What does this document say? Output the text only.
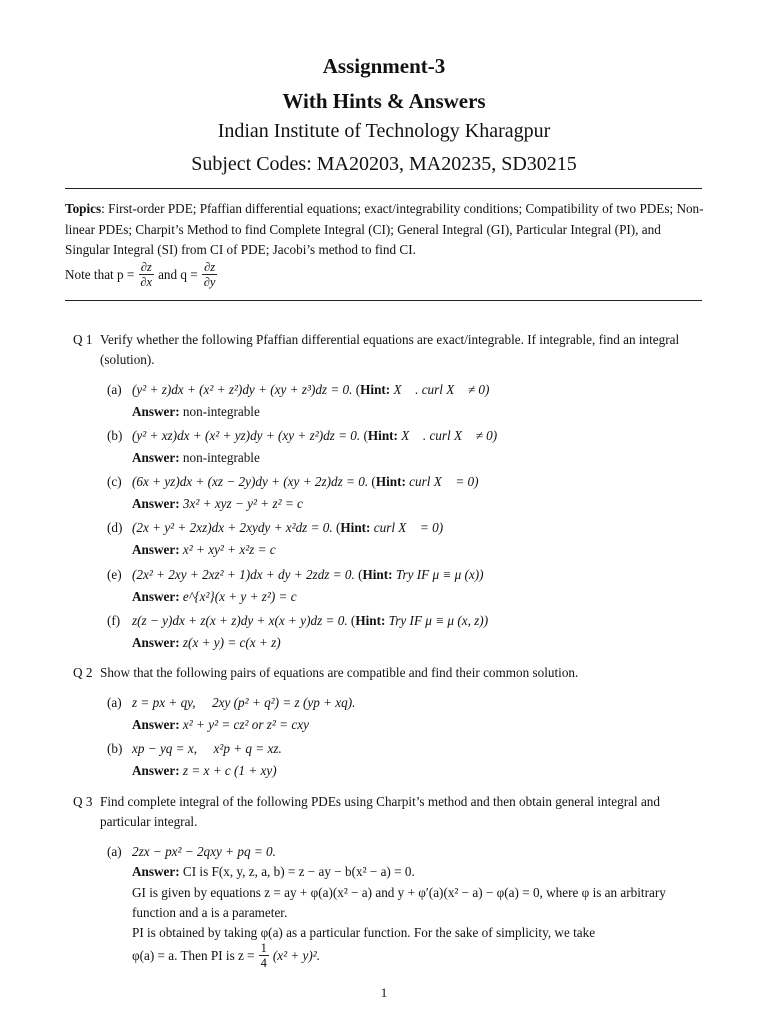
Assignment-3
With Hints & Answers
Indian Institute of Technology Kharagpur
Subject Codes: MA20203, MA20235, SD30215
Topics: First-order PDE; Pfaffian differential equations; exact/integrability conditions; Compatibility of two PDEs; Non-linear PDEs; Charpit’s Method to find Complete Integral (CI); General Integral (GI), Particular Integral (PI), and Singular Integral (SI) from CI of PDE; Jacobi’s method to find CI.
Note that $p = \frac{\partial z}{\partial x}$ and $q = \frac{\partial z}{\partial y}$
Q 1 Verify whether the following Pfaffian differential equations are exact/integrable. If integrable, find an integral (solution).
(a) (y² + z)dx + (x² + z²)dy + (xy + z³)dz = 0. (Hint: X⃗ . curl X⃗ ≠ 0)
Answer: non-integrable
(b) (y² + xz)dx + (x² + yz)dy + (xy + z²)dz = 0. (Hint: X⃗ . curl X⃗ ≠ 0)
Answer: non-integrable
(c) (6x + yz)dx + (xz − 2y)dy + (xy + 2z)dz = 0. (Hint: curl X⃗ = 0)
Answer: 3x² + xyz − y² + z² = c
(d) (2x + y² + 2xz)dx + 2xydy + x²dz = 0. (Hint: curl X⃗ = 0)
Answer: x² + xy² + x²z = c
(e) (2x² + 2xy + 2xz² + 1)dx + dy + 2zdz = 0. (Hint: Try IF μ ≡ μ (x))
Answer: e^{x²}(x + y + z²) = c
(f) z(z − y)dx + z(x + z)dy + x(x + y)dz = 0. (Hint: Try IF μ ≡ μ (x, z))
Answer: z(x + y) = c(x + z)
Q 2 Show that the following pairs of equations are compatible and find their common solution.
(a) z = px + qy,     2xy (p² + q²) = z (yp + xq).
Answer: x² + y² = cz² or z² = cxy
(b) xp − yq = x,     x²p + q = xz.
Answer: z = x + c (1 + xy)
Q 3 Find complete integral of the following PDEs using Charpit’s method and then obtain general integral and particular integral.
(a) 2zx − px² − 2qxy + pq = 0.
Answer: CI is F(x, y, z, a, b) = z − ay − b(x² − a) = 0.
GI is given by equations z = ay + φ(a)(x² − a) and y + φ′(a)(x² − a) − φ(a) = 0, where φ is an arbitrary function and a is a parameter.
PI is obtained by taking φ(a) as a particular function. For the sake of simplicity, we take
φ(a) = a. Then PI is $z = \frac{1}{4} (x^2 + y)^2$.
1
